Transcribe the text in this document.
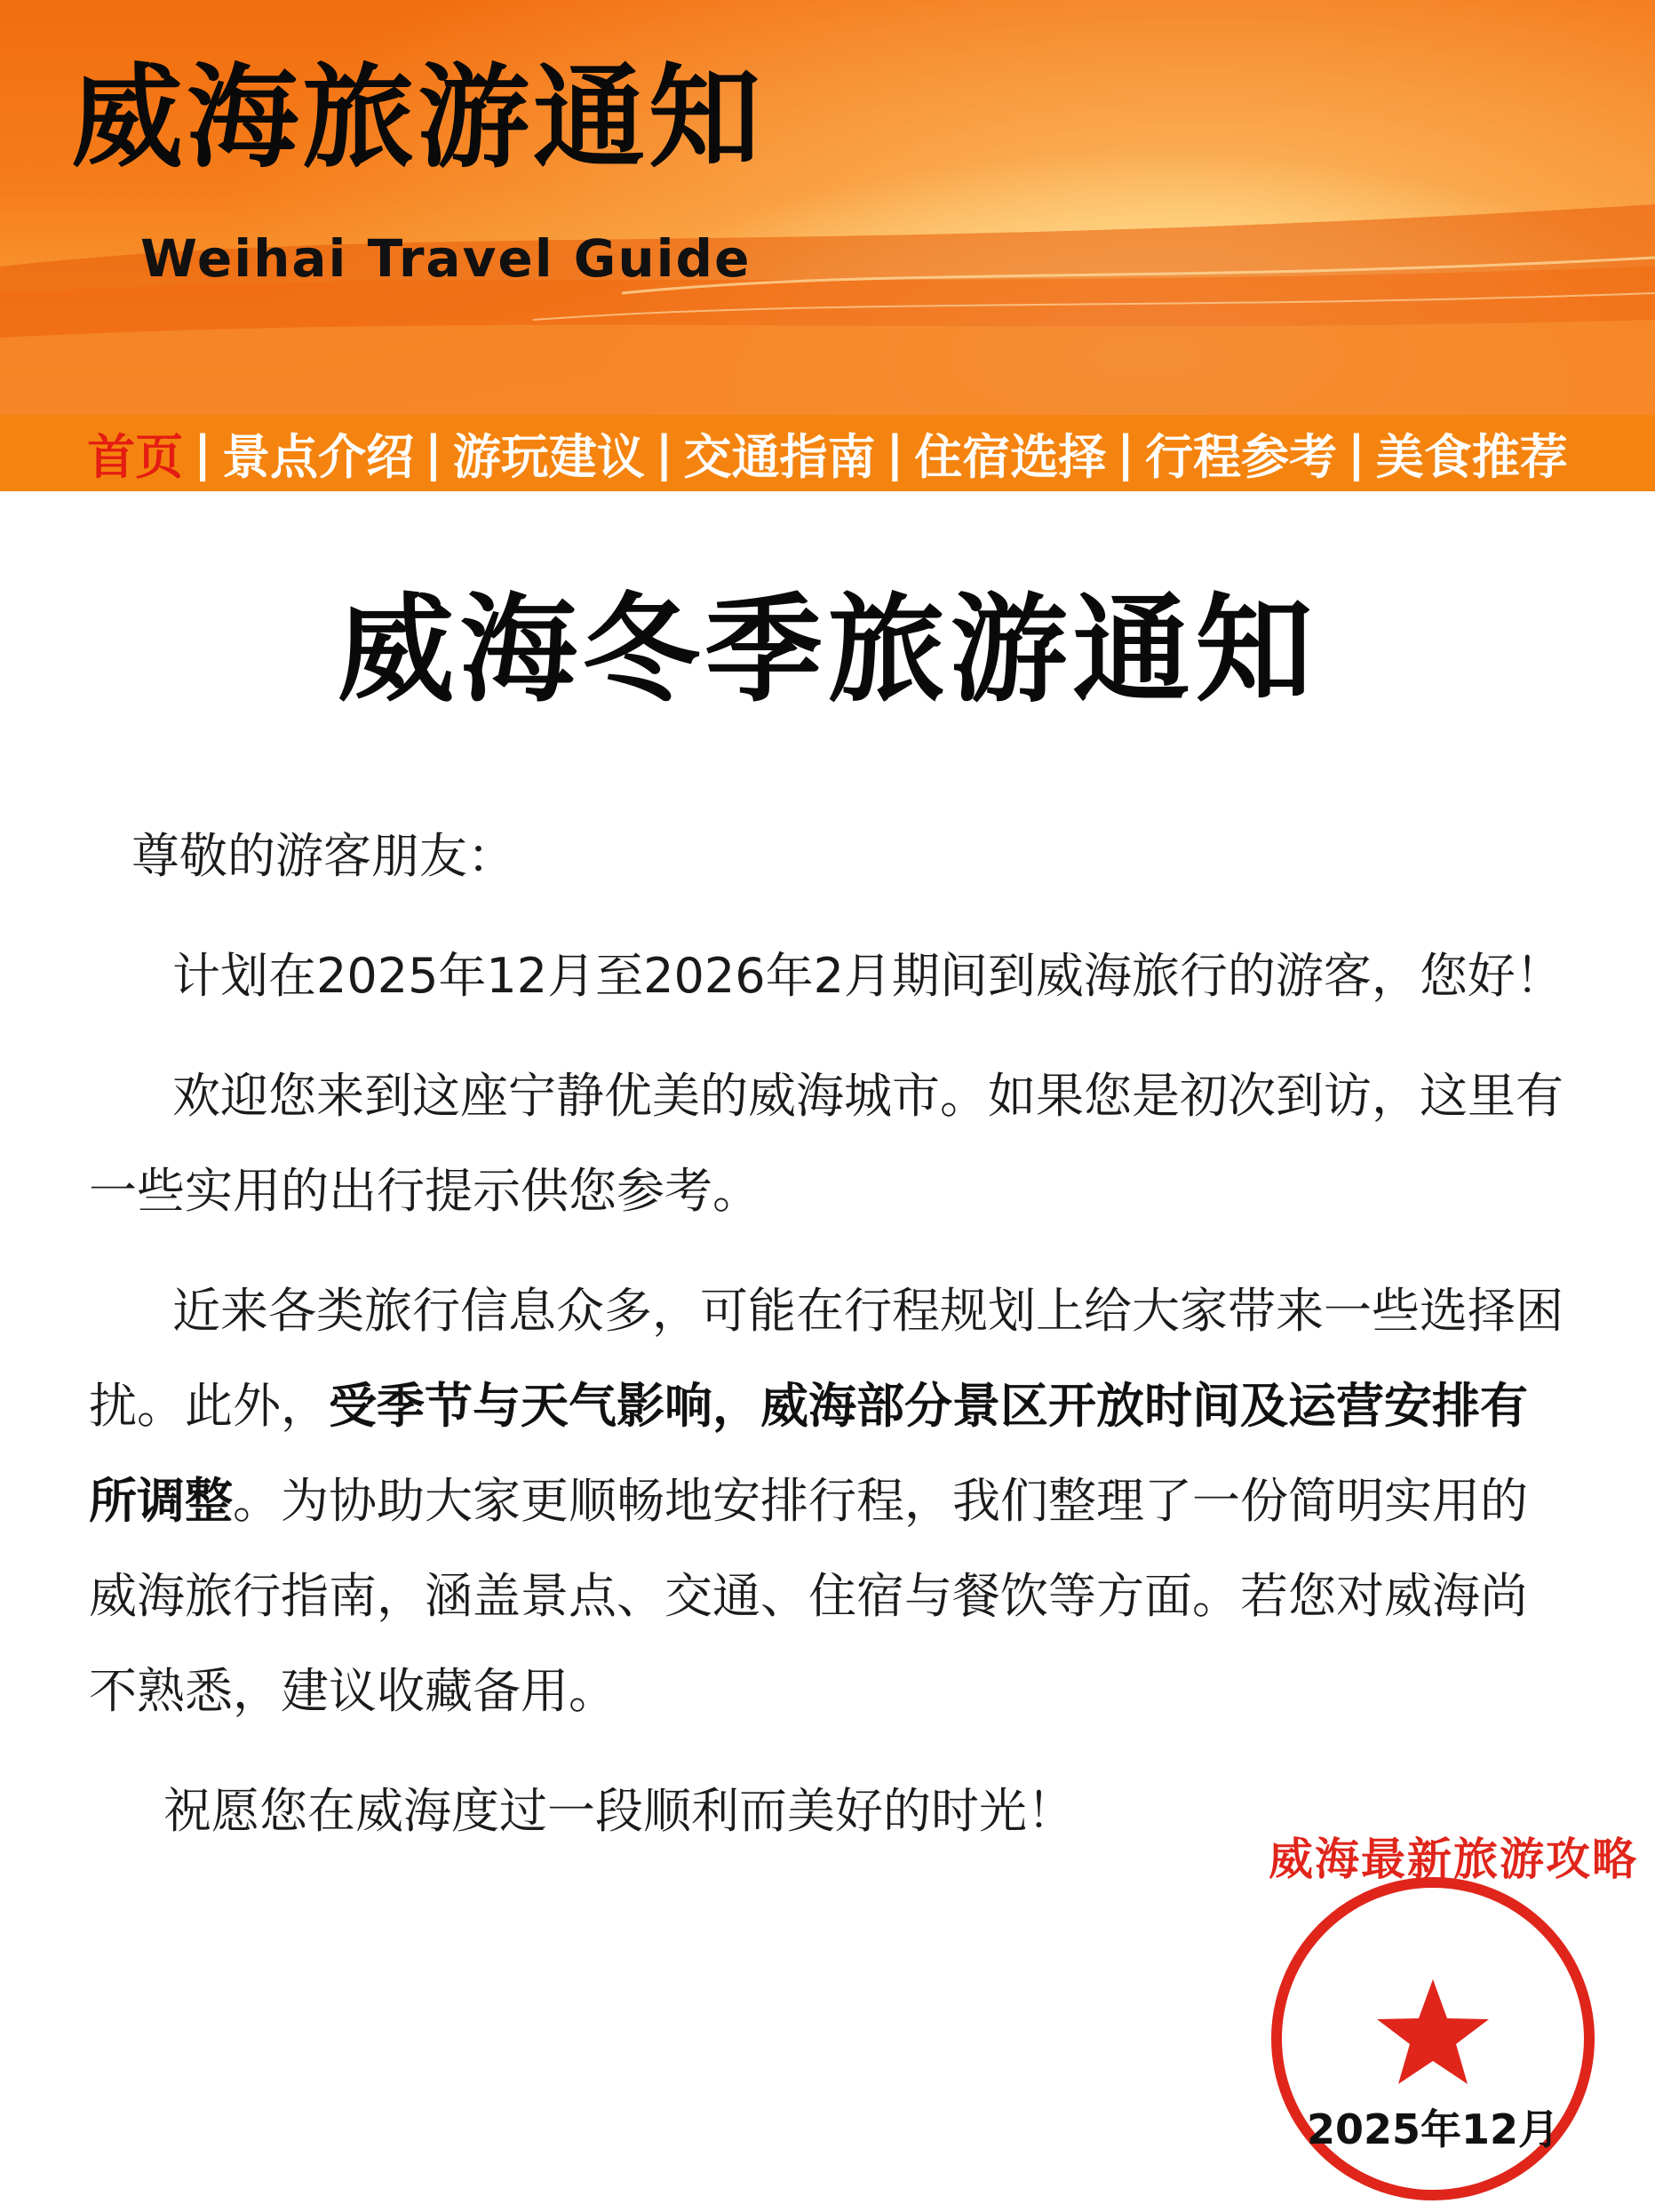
威海旅游通知
Weihai Travel Guide
首页 | 景点介绍 | 游玩建议 | 交通指南 | 住宿选择 | 行程参考 | 美食推荐
威海冬季旅游通知

尊敬的游客朋友：

计划在2025年12月至2026年2月期间到威海旅行的游客，您好！

欢迎您来到这座宁静优美的威海城市。如果您是初次到访，这里有一些实用的出行提示供您参考。

近来各类旅行信息众多，可能在行程规划上给大家带来一些选择困扰。此外，受季节与天气影响，威海部分景区开放时间及运营安排有所调整。为协助大家更顺畅地安排行程，我们整理了一份简明实用的威海旅行指南，涵盖景点、交通、住宿与餐饮等方面。若您对威海尚不熟悉，建议收藏备用。

祝愿您在威海度过一段顺利而美好的时光！

威海最新旅游攻略
2025年12月
